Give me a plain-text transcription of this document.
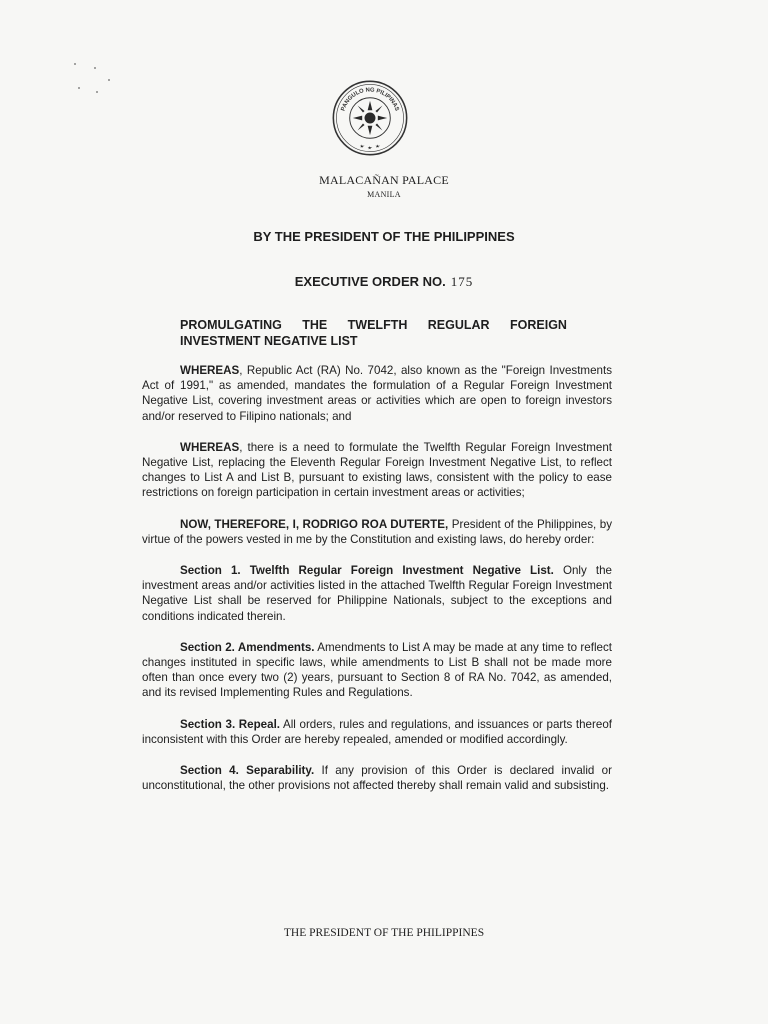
PANGULO NG PILIPINAS
MALACAÑAN PALACE
MANILA
BY THE PRESIDENT OF THE PHILIPPINES
EXECUTIVE ORDER NO. 175
PROMULGATING THE TWELFTH REGULAR FOREIGN
INVESTMENT NEGATIVE LIST

WHEREAS, Republic Act (RA) No. 7042, also known as the "Foreign Investments Act of 1991," as amended, mandates the formulation of a Regular Foreign Investment Negative List, covering investment areas or activities which are open to foreign investors and/or reserved to Filipino nationals; and

WHEREAS, there is a need to formulate the Twelfth Regular Foreign Investment Negative List, replacing the Eleventh Regular Foreign Investment Negative List, to reflect changes to List A and List B, pursuant to existing laws, consistent with the policy to ease restrictions on foreign participation in certain investment areas or activities;

NOW, THEREFORE, I, RODRIGO ROA DUTERTE, President of the Philippines, by virtue of the powers vested in me by the Constitution and existing laws, do hereby order:

Section 1. Twelfth Regular Foreign Investment Negative List. Only the investment areas and/or activities listed in the attached Twelfth Regular Foreign Investment Negative List shall be reserved for Philippine Nationals, subject to the exceptions and conditions indicated therein.

Section 2. Amendments. Amendments to List A may be made at any time to reflect changes instituted in specific laws, while amendments to List B shall not be made more often than once every two (2) years, pursuant to Section 8 of RA No. 7042, as amended, and its revised Implementing Rules and Regulations.

Section 3. Repeal. All orders, rules and regulations, and issuances or parts thereof inconsistent with this Order are hereby repealed, amended or modified accordingly.

Section 4. Separability. If any provision of this Order is declared invalid or unconstitutional, the other provisions not affected thereby shall remain valid and subsisting.

THE PRESIDENT OF THE PHILIPPINES
